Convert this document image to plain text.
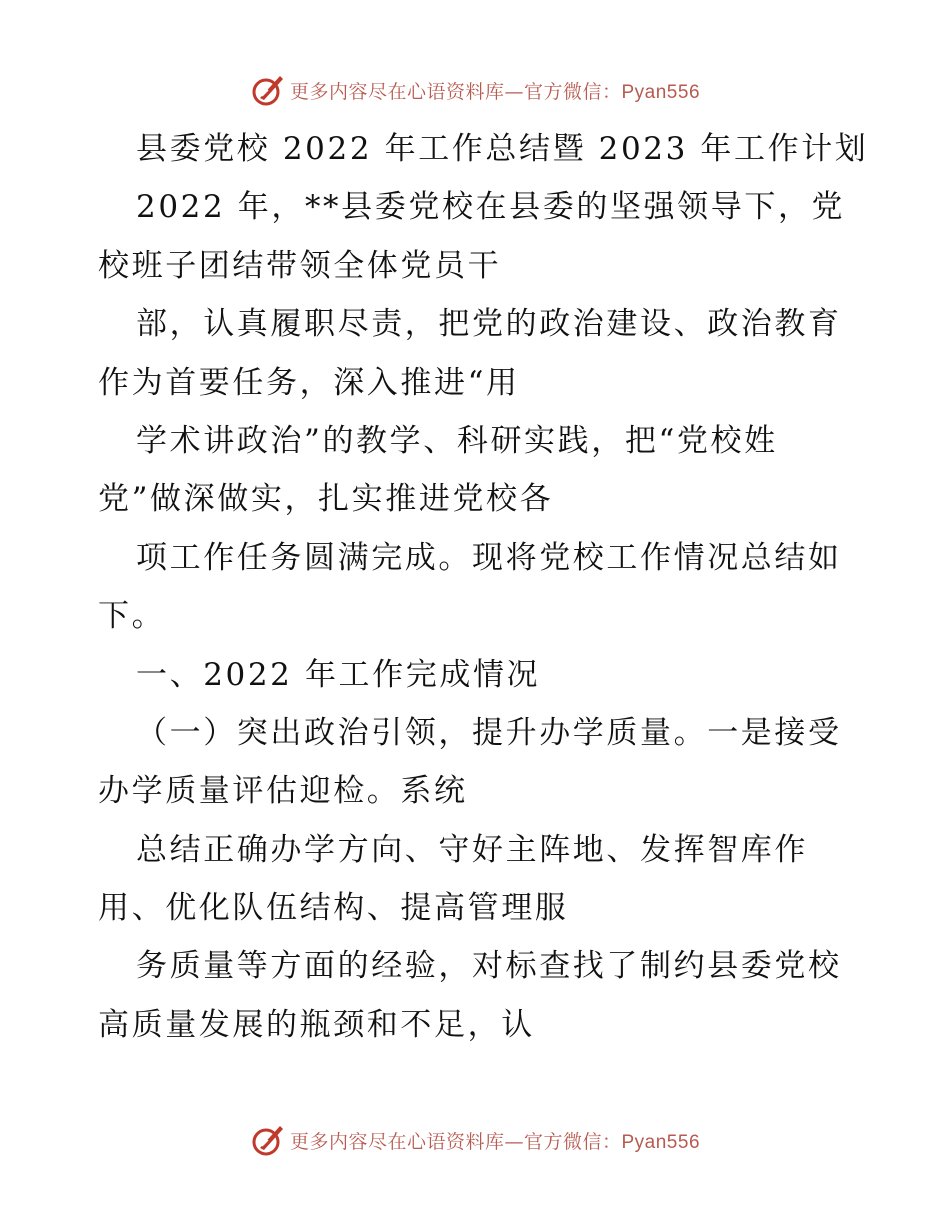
更多内容尽在心语资料库—官方微信：Pyan556
县委党校 2022 年工作总结暨 2023 年工作计划
2022 年，**县委党校在县委的坚强领导下，党
校班子团结带领全体党员干
部，认真履职尽责，把党的政治建设、政治教育
作为首要任务，深入推进“用
学术讲政治”的教学、科研实践，把“党校姓
党”做深做实，扎实推进党校各
项工作任务圆满完成。现将党校工作情况总结如
下。
一、2022 年工作完成情况
（一）突出政治引领，提升办学质量。一是接受
办学质量评估迎检。系统
总结正确办学方向、守好主阵地、发挥智库作
用、优化队伍结构、提高管理服
务质量等方面的经验，对标查找了制约县委党校
高质量发展的瓶颈和不足，认
更多内容尽在心语资料库—官方微信：Pyan556
